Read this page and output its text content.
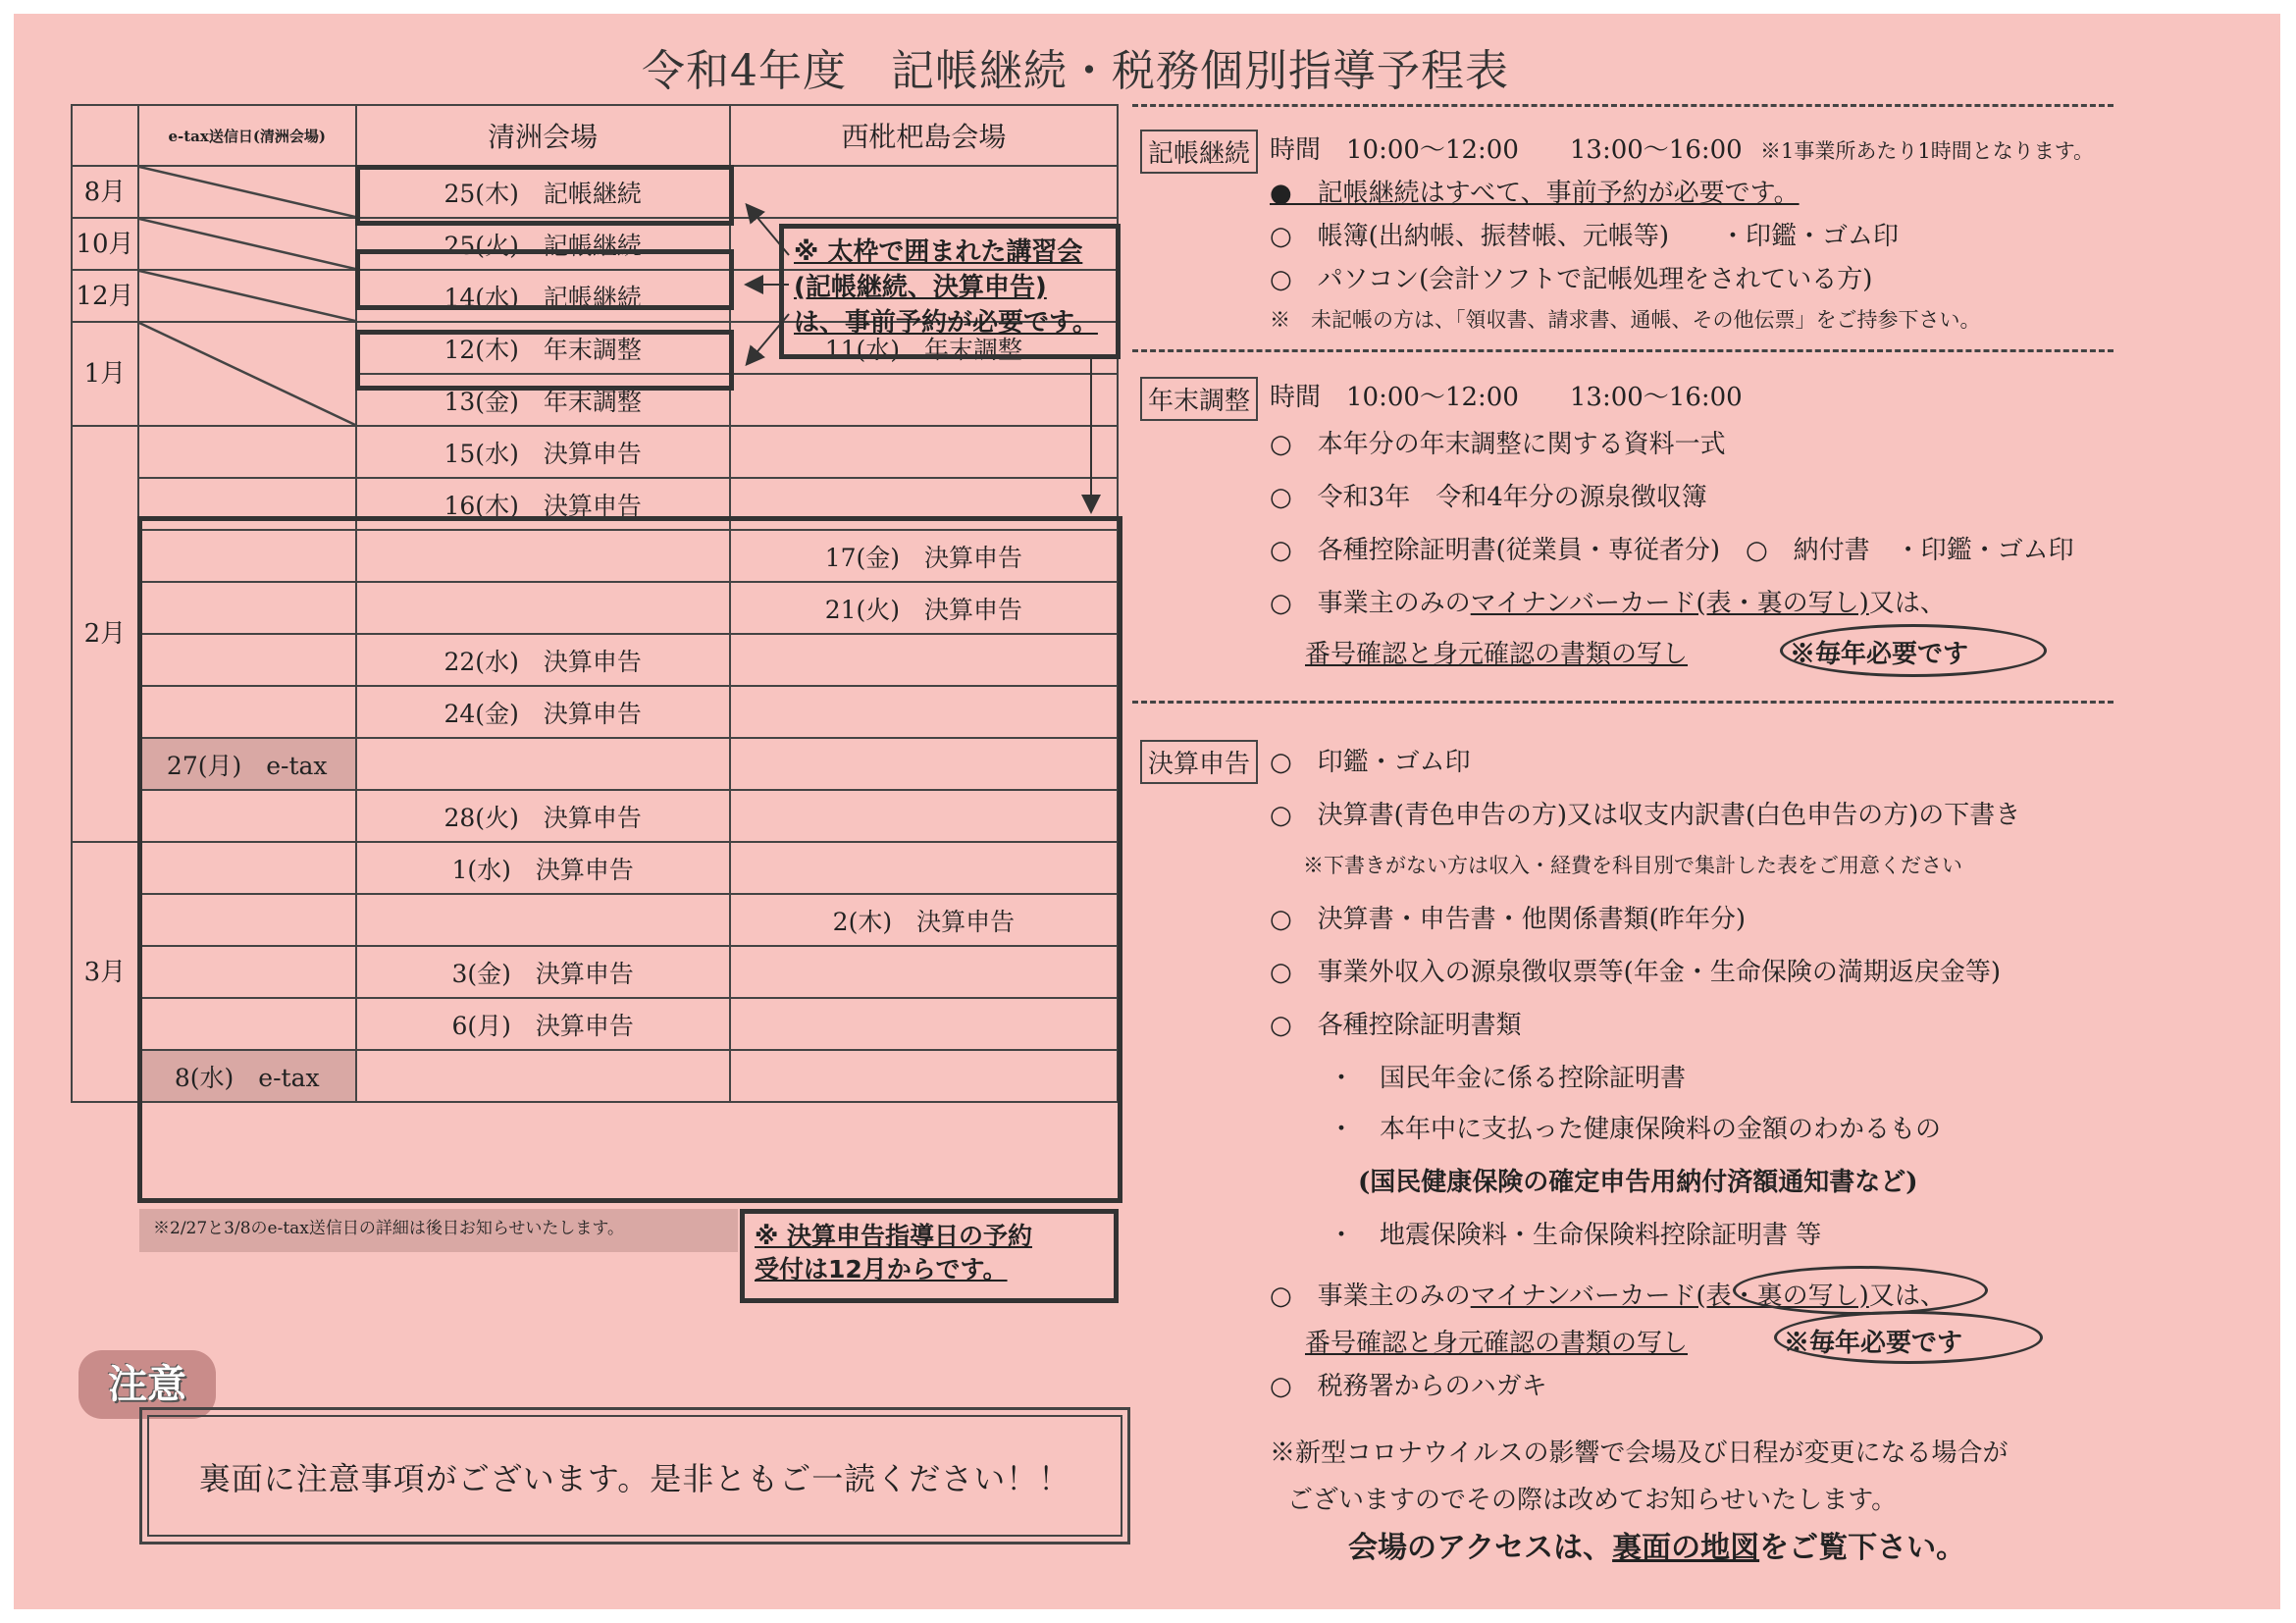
令和4年度　記帳継続・税務個別指導予程表
	e-tax送信日(清洲会場)	清洲会場	西枇杷島会場
8月		25(木)　記帳継続	
10月		25(火)　記帳継続	
12月		14(水)　記帳継続	
1月		12(木)　年末調整	11(水)　年末調整
		13(金)　年末調整	
2月		15(水)　決算申告	
		16(木)　決算申告	
			17(金)　決算申告
			21(火)　決算申告
		22(水)　決算申告	
		24(金)　決算申告	
	27(月)　e-tax		
		28(火)　決算申告	
3月		1(水)　決算申告	
			2(木)　決算申告
		3(金)　決算申告	
		6(月)　決算申告	
	8(水)　e-tax		
※ 太枠で囲まれた講習会
(記帳継続、決算申告)
は、事前予約が必要です。
※2/27と3/8のe-tax送信日の詳細は後日お知らせいたします。	※ 決算申告指導日の予約
受付は12月からです。
注意
裏面に注意事項がございます。是非ともご一読ください！！
記帳継続 時間　10:00〜12:00　　13:00〜16:00 ※1事業所あたり1時間となります。
●　記帳継続はすべて、事前予約が必要です。
○　帳簿(出納帳、振替帳、元帳等)　　・印鑑・ゴム印
○　パソコン(会計ソフトで記帳処理をされている方)
※　未記帳の方は、「領収書、請求書、通帳、その他伝票」をご持参下さい。
年末調整 時間　10:00〜12:00　　13:00〜16:00
○　本年分の年末調整に関する資料一式
○　令和3年　令和4年分の源泉徴収簿
○　各種控除証明書(従業員・専従者分)　○　納付書　・印鑑・ゴム印
○　事業主のみのマイナンバーカード(表・裏の写し)又は、
番号確認と身元確認の書類の写し	※毎年必要です
決算申告 ○　印鑑・ゴム印
○　決算書(青色申告の方)又は収支内訳書(白色申告の方)の下書き
※下書きがない方は収入・経費を科目別で集計した表をご用意ください
○　決算書・申告書・他関係書類(昨年分)
○　事業外収入の源泉徴収票等(年金・生命保険の満期返戻金等)
○　各種控除証明書類
・　国民年金に係る控除証明書
・　本年中に支払った健康保険料の金額のわかるもの
(国民健康保険の確定申告用納付済額通知書など)
・　地震保険料・生命保険料控除証明書 等
○　事業主のみのマイナンバーカード(表・裏の写し)又は、
番号確認と身元確認の書類の写し	※毎年必要です
○　税務署からのハガキ
※新型コロナウイルスの影響で会場及び日程が変更になる場合が
ございますのでその際は改めてお知らせいたします。
会場のアクセスは、裏面の地図をご覧下さい。
